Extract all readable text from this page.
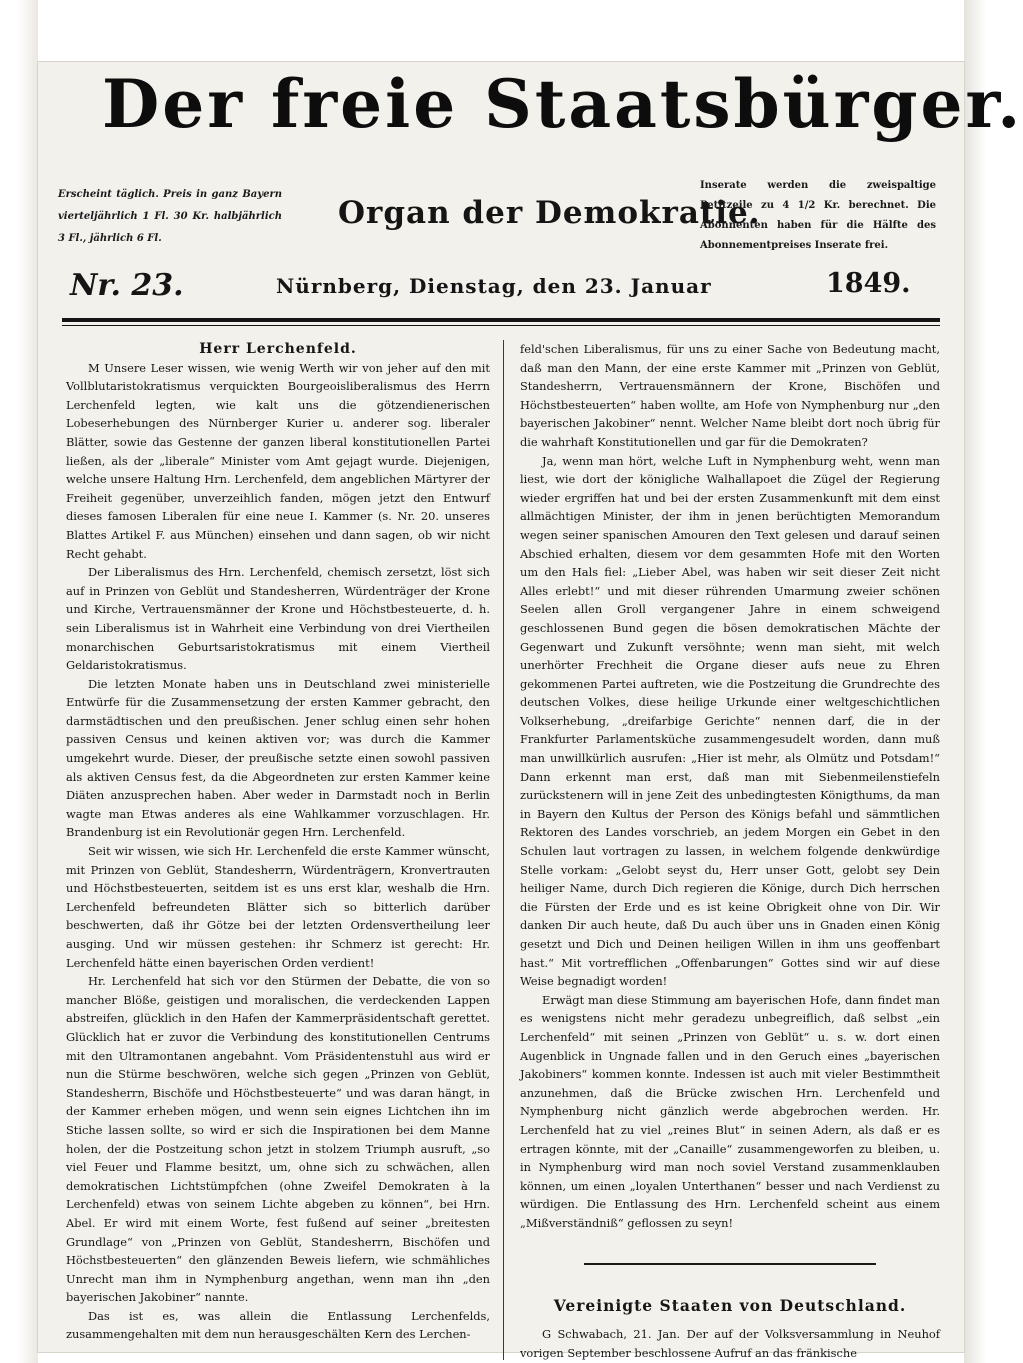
Der freie Staatsbürger.
Erscheint täglich. Preis in ganz Bayern vierteljährlich 1 Fl. 30 Kr. halbjährlich 3 Fl., jährlich 6 Fl.
Organ der Demokratie.
Inserate werden die zweispaltige Petitzeile zu 4 1/2 Kr. berechnet. Die Abonnenten haben für die Hälfte des Abonnementpreises Inserate frei.
Nr. 23.	Nürnberg, Dienstag, den 23. Januar	1849.

Herr Lerchenfeld.

M Unsere Leser wissen, wie wenig Werth wir von jeher auf den mit Vollblutaristokratismus verquickten Bourgeoisliberalismus des Herrn Lerchenfeld legten, wie kalt uns die götzendienerischen Lobeserhebungen des Nürnberger Kurier u. anderer sog. liberaler Blätter, sowie das Gestenne der ganzen liberal konstitutionellen Partei ließen, als der „liberale“ Minister vom Amt gejagt wurde. Diejenigen, welche unsere Haltung Hrn. Lerchenfeld, dem angeblichen Märtyrer der Freiheit gegenüber, unverzeihlich fanden, mögen jetzt den Entwurf dieses famosen Liberalen für eine neue I. Kammer (s. Nr. 20. unseres Blattes Artikel F. aus München) einsehen und dann sagen, ob wir nicht Recht gehabt.

Der Liberalismus des Hrn. Lerchenfeld, chemisch zersetzt, löst sich auf in Prinzen von Geblüt und Standesherren, Würdenträger der Krone und Kirche, Vertrauensmänner der Krone und Höchstbesteuerte, d. h. sein Liberalismus ist in Wahrheit eine Verbindung von drei Viertheilen monarchischen Geburtsaristokratismus mit einem Viertheil Geldaristokratismus.

Die letzten Monate haben uns in Deutschland zwei ministerielle Entwürfe für die Zusammensetzung der ersten Kammer gebracht, den darmstädtischen und den preußischen. Jener schlug einen sehr hohen passiven Census und keinen aktiven vor; was durch die Kammer umgekehrt wurde. Dieser, der preußische setzte einen sowohl passiven als aktiven Census fest, da die Abgeordneten zur ersten Kammer keine Diäten anzusprechen haben. Aber weder in Darmstadt noch in Berlin wagte man Etwas anderes als eine Wahlkammer vorzuschlagen. Hr. Brandenburg ist ein Revolutionär gegen Hrn. Lerchenfeld.

Seit wir wissen, wie sich Hr. Lerchenfeld die erste Kammer wünscht, mit Prinzen von Geblüt, Standesherrn, Würdenträgern, Kronvertrauten und Höchstbesteuerten, seitdem ist es uns erst klar, weshalb die Hrn. Lerchenfeld befreundeten Blätter sich so bitterlich darüber beschwerten, daß ihr Götze bei der letzten Ordensvertheilung leer ausging. Und wir müssen gestehen: ihr Schmerz ist gerecht: Hr. Lerchenfeld hätte einen bayerischen Orden verdient!

Hr. Lerchenfeld hat sich vor den Stürmen der Debatte, die von so mancher Blöße, geistigen und moralischen, die verdeckenden Lappen abstreifen, glücklich in den Hafen der Kammerpräsidentschaft gerettet. Glücklich hat er zuvor die Verbindung des konstitutionellen Centrums mit den Ultramontanen angebahnt. Vom Präsidentenstuhl aus wird er nun die Stürme beschwören, welche sich gegen „Prinzen von Geblüt, Standesherrn, Bischöfe und Höchstbesteuerte“ und was daran hängt, in der Kammer erheben mögen, und wenn sein eignes Lichtchen ihn im Stiche lassen sollte, so wird er sich die Inspirationen bei dem Manne holen, der die Postzeitung schon jetzt in stolzem Triumph ausruft, „so viel Feuer und Flamme besitzt, um, ohne sich zu schwächen, allen demokratischen Lichtstümpfchen (ohne Zweifel Demokraten à la Lerchenfeld) etwas von seinem Lichte abgeben zu können“, bei Hrn. Abel. Er wird mit einem Worte, fest fußend auf seiner „breitesten Grundlage“ von „Prinzen von Geblüt, Standesherrn, Bischöfen und Höchstbesteuerten“ den glänzenden Beweis liefern, wie schmähliches Unrecht man ihm in Nymphenburg angethan, wenn man ihn „den bayerischen Jakobiner“ nannte.

Das ist es, was allein die Entlassung Lerchenfelds, zusammengehalten mit dem nun herausgeschälten Kern des Lerchen-

feld'schen Liberalismus, für uns zu einer Sache von Bedeutung macht, daß man den Mann, der eine erste Kammer mit „Prinzen von Geblüt, Standesherrn, Vertrauensmännern der Krone, Bischöfen und Höchstbesteuerten“ haben wollte, am Hofe von Nymphenburg nur „den bayerischen Jakobiner“ nennt. Welcher Name bleibt dort noch übrig für die wahrhaft Konstitutionellen und gar für die Demokraten?

Ja, wenn man hört, welche Luft in Nymphenburg weht, wenn man liest, wie dort der königliche Walhallapoet die Zügel der Regierung wieder ergriffen hat und bei der ersten Zusammenkunft mit dem einst allmächtigen Minister, der ihm in jenen berüchtigten Memorandum wegen seiner spanischen Amouren den Text gelesen und darauf seinen Abschied erhalten, diesem vor dem gesammten Hofe mit den Worten um den Hals fiel: „Lieber Abel, was haben wir seit dieser Zeit nicht Alles erlebt!“ und mit dieser rührenden Umarmung zweier schönen Seelen allen Groll vergangener Jahre in einem schweigend geschlossenen Bund gegen die bösen demokratischen Mächte der Gegenwart und Zukunft versöhnte; wenn man sieht, mit welch unerhörter Frechheit die Organe dieser aufs neue zu Ehren gekommenen Partei auftreten, wie die Postzeitung die Grundrechte des deutschen Volkes, diese heilige Urkunde einer weltgeschichtlichen Volkserhebung, „dreifarbige Gerichte“ nennen darf, die in der Frankfurter Parlamentsküche zusammengesudelt worden, dann muß man unwillkürlich ausrufen: „Hier ist mehr, als Olmütz und Potsdam!“ Dann erkennt man erst, daß man mit Siebenmeilenstiefeln zurückstenern will in jene Zeit des unbedingtesten Königthums, da man in Bayern den Kultus der Person des Königs befahl und sämmtlichen Rektoren des Landes vorschrieb, an jedem Morgen ein Gebet in den Schulen laut vortragen zu lassen, in welchem folgende denkwürdige Stelle vorkam: „Gelobt seyst du, Herr unser Gott, gelobt sey Dein heiliger Name, durch Dich regieren die Könige, durch Dich herrschen die Fürsten der Erde und es ist keine Obrigkeit ohne von Dir. Wir danken Dir auch heute, daß Du auch über uns in Gnaden einen König gesetzt und Dich und Deinen heiligen Willen in ihm uns geoffenbart hast.“ Mit vortrefflichen „Offenbarungen“ Gottes sind wir auf diese Weise begnadigt worden!

Erwägt man diese Stimmung am bayerischen Hofe, dann findet man es wenigstens nicht mehr geradezu unbegreiflich, daß selbst „ein Lerchenfeld“ mit seinen „Prinzen von Geblüt“ u. s. w. dort einen Augenblick in Ungnade fallen und in den Geruch eines „bayerischen Jakobiners“ kommen konnte. Indessen ist auch mit vieler Bestimmtheit anzunehmen, daß die Brücke zwischen Hrn. Lerchenfeld und Nymphenburg nicht gänzlich werde abgebrochen werden. Hr. Lerchenfeld hat zu viel „reines Blut“ in seinen Adern, als daß er es ertragen könnte, mit der „Canaille“ zusammengeworfen zu bleiben, u. in Nymphenburg wird man noch soviel Verstand zusammenklauben können, um einen „loyalen Unterthanen“ besser und nach Verdienst zu würdigen. Die Entlassung des Hrn. Lerchenfeld scheint aus einem „Mißverständniß“ geflossen zu seyn!

Vereinigte Staaten von Deutschland.

G Schwabach, 21. Jan. Der auf der Volksversammlung in Neuhof vorigen September beschlossene Aufruf an das fränkische
